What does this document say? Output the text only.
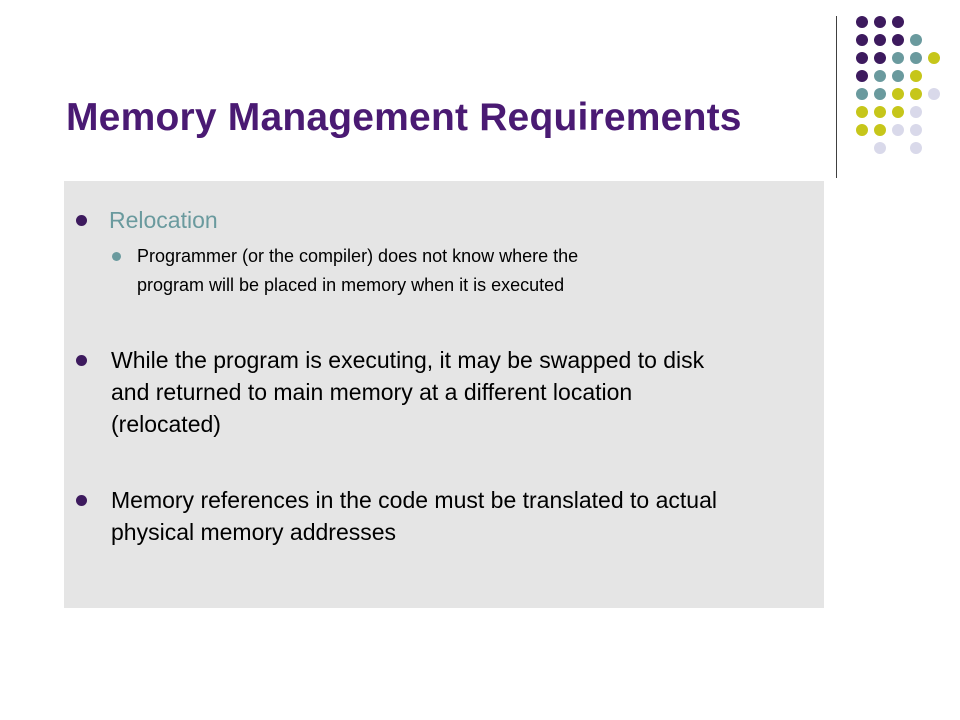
Memory Management Requirements
Relocation
Programmer (or the compiler) does not know where the
program will be placed in memory when it is executed
While the program is executing, it may be swapped to disk
and returned to main memory at a different location
(relocated)
Memory references in the code must be translated to actual
physical memory addresses
